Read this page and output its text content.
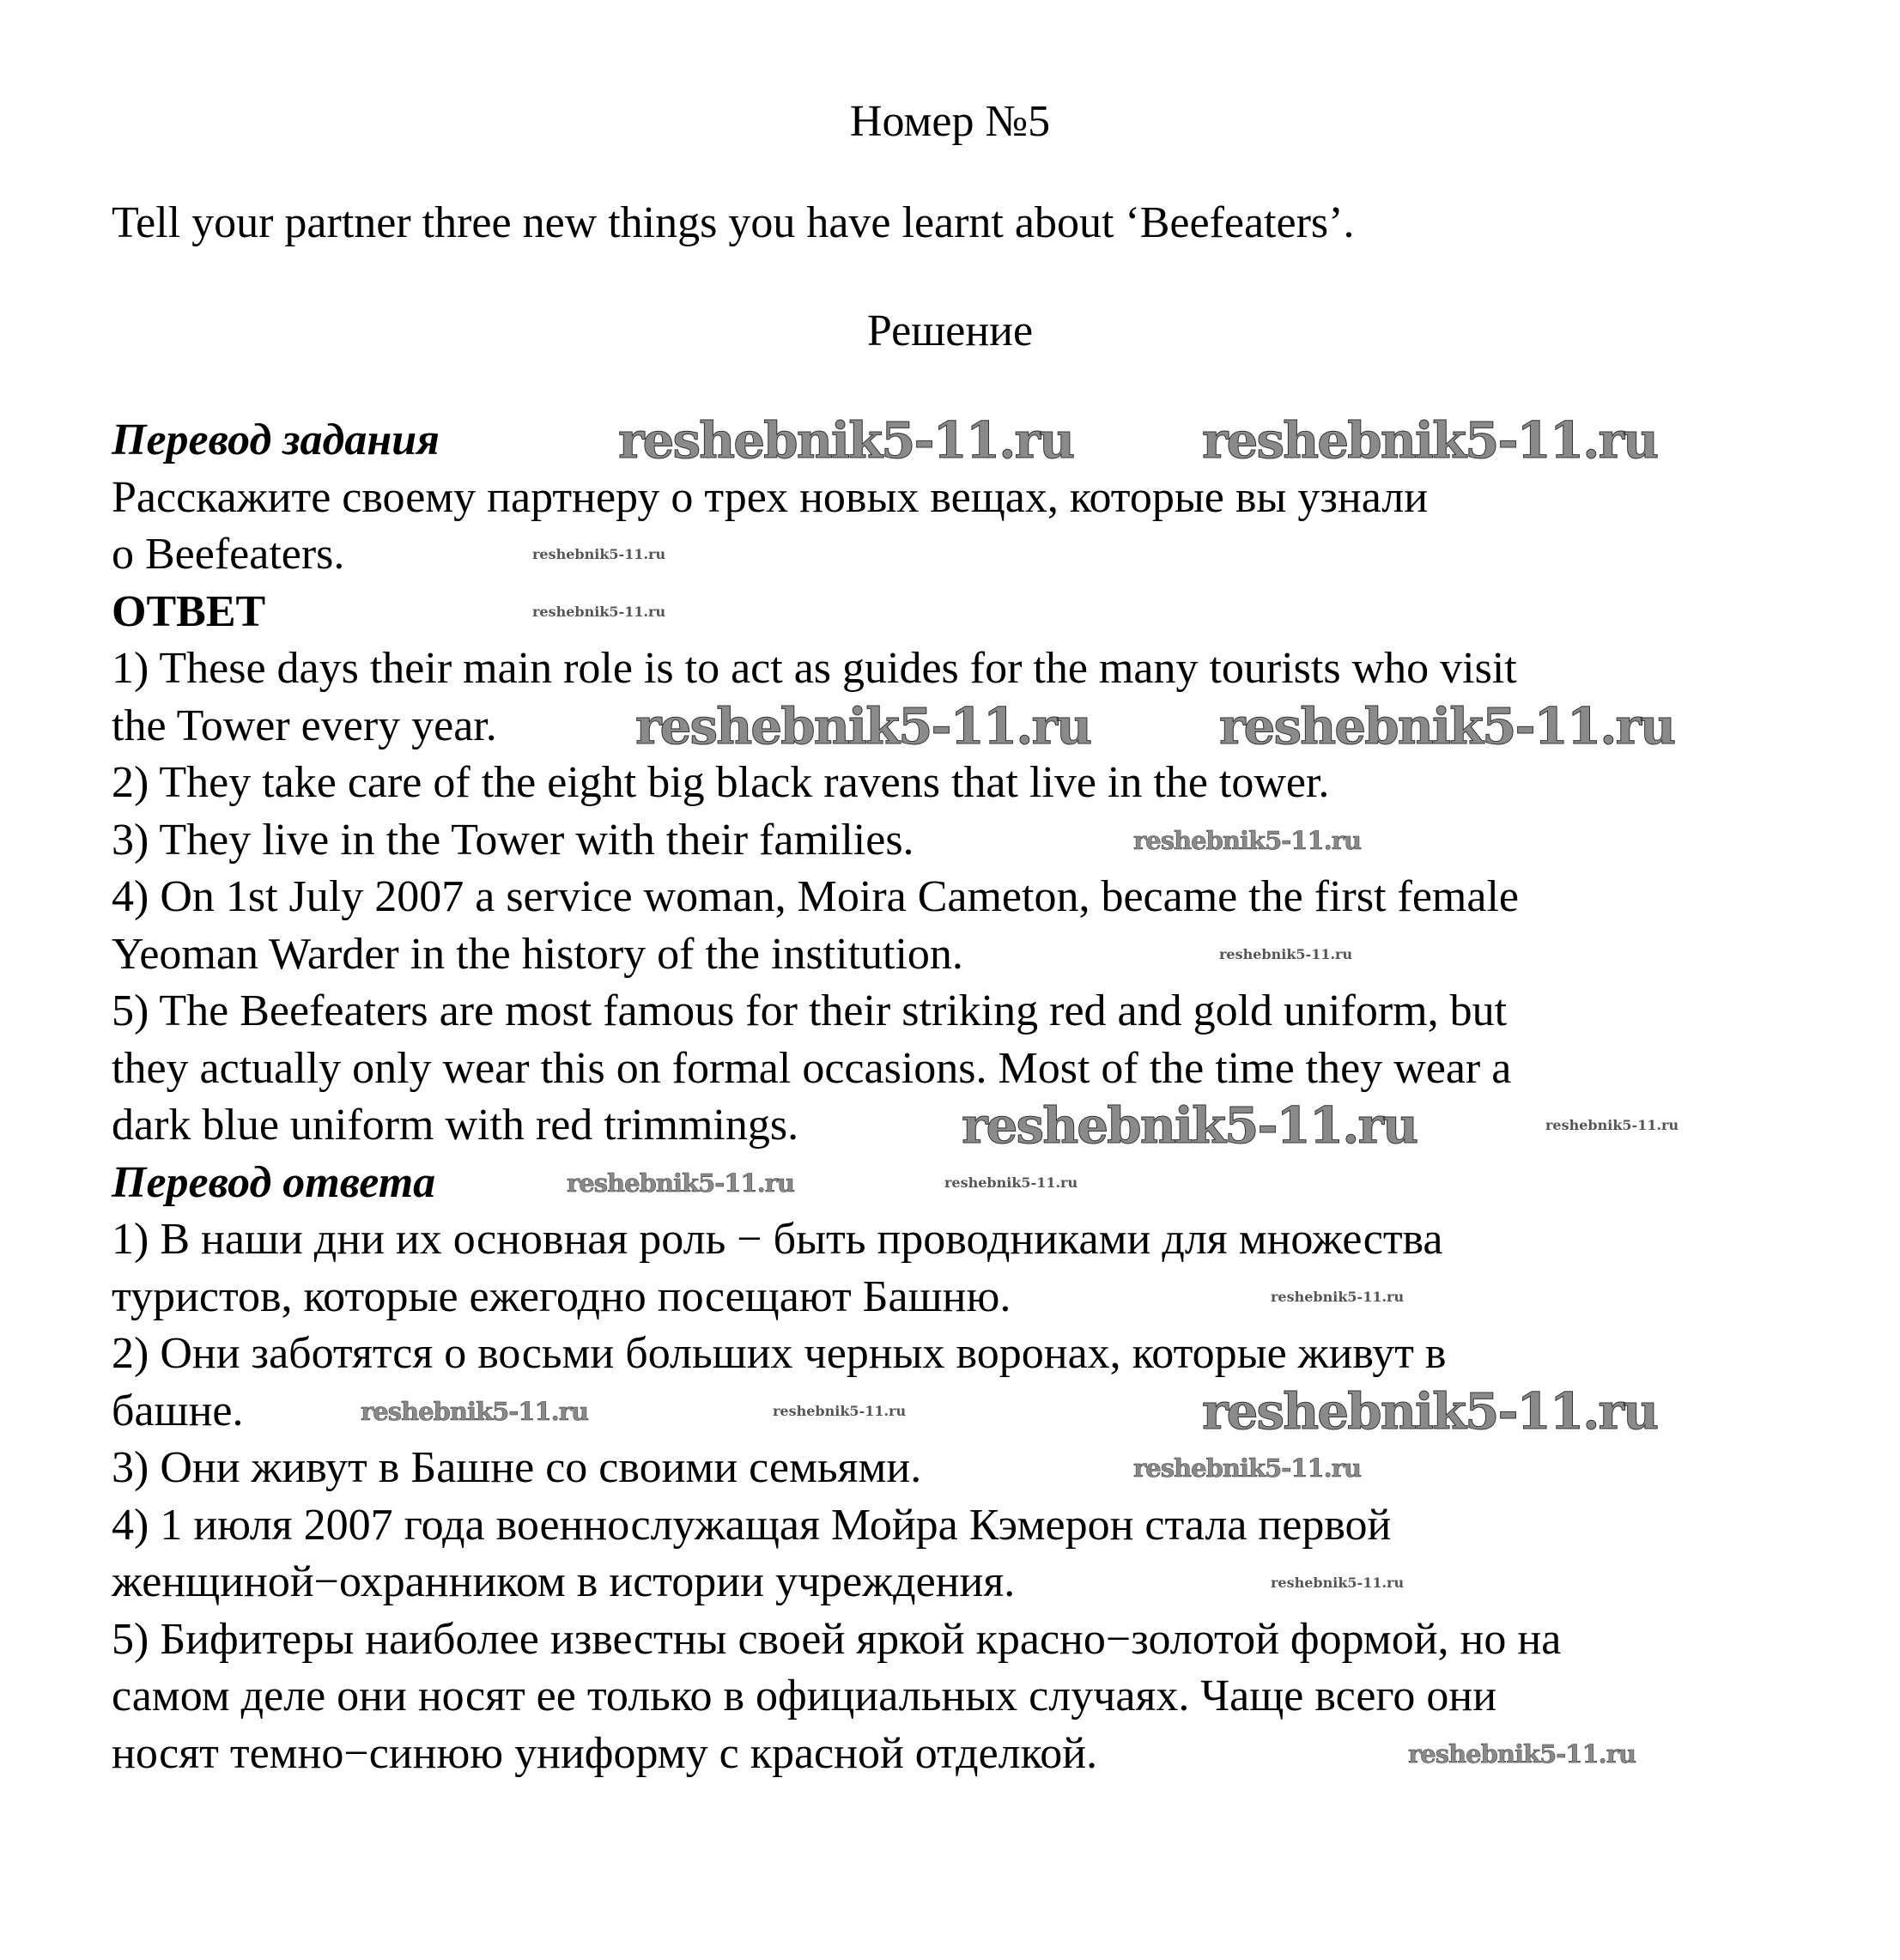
Номер №5
Tell your partner three new things you have learnt about ‘Beefeaters’.
Решение
Перевод задания
Расскажите своему партнеру о трех новых вещах, которые вы узнали
о Beefeaters.
ОТВЕТ
1) These days their main role is to act as guides for the many tourists who visit
the Tower every year.
2) They take care of the eight big black ravens that live in the tower.
3) They live in the Tower with their families.
4) On 1st July 2007 a service woman, Moira Cameton, became the first female
Yeoman Warder in the history of the institution.
5) The Beefeaters are most famous for their striking red and gold uniform, but
they actually only wear this on formal occasions. Most of the time they wear a
dark blue uniform with red trimmings.
Перевод ответа
1) В наши дни их основная роль − быть проводниками для множества
туристов, которые ежегодно посещают Башню.
2) Они заботятся о восьми больших черных воронах, которые живут в
башне.
3) Они живут в Башне со своими семьями.
4) 1 июля 2007 года военнослужащая Мойра Кэмерон стала первой
женщиной−охранником в истории учреждения.
5) Бифитеры наиболее известны своей яркой красно−золотой формой, но на
самом деле они носят ее только в официальных случаях. Чаще всего они
носят темно−синюю униформу с красной отделкой.
reshebnik5-11.ru	reshebnik5-11.ru
reshebnik5-11.ru	reshebnik5-11.ru
reshebnik5-11.ru
reshebnik5-11.ru
reshebnik5-11.ru
reshebnik5-11.ru
reshebnik5-11.ru
reshebnik5-11.ru
reshebnik5-11.ru
reshebnik5-11.ru
reshebnik5-11.ru
reshebnik5-11.ru
reshebnik5-11.ru
reshebnik5-11.ru
reshebnik5-11.ru
reshebnik5-11.ru
reshebnik5-11.ru
